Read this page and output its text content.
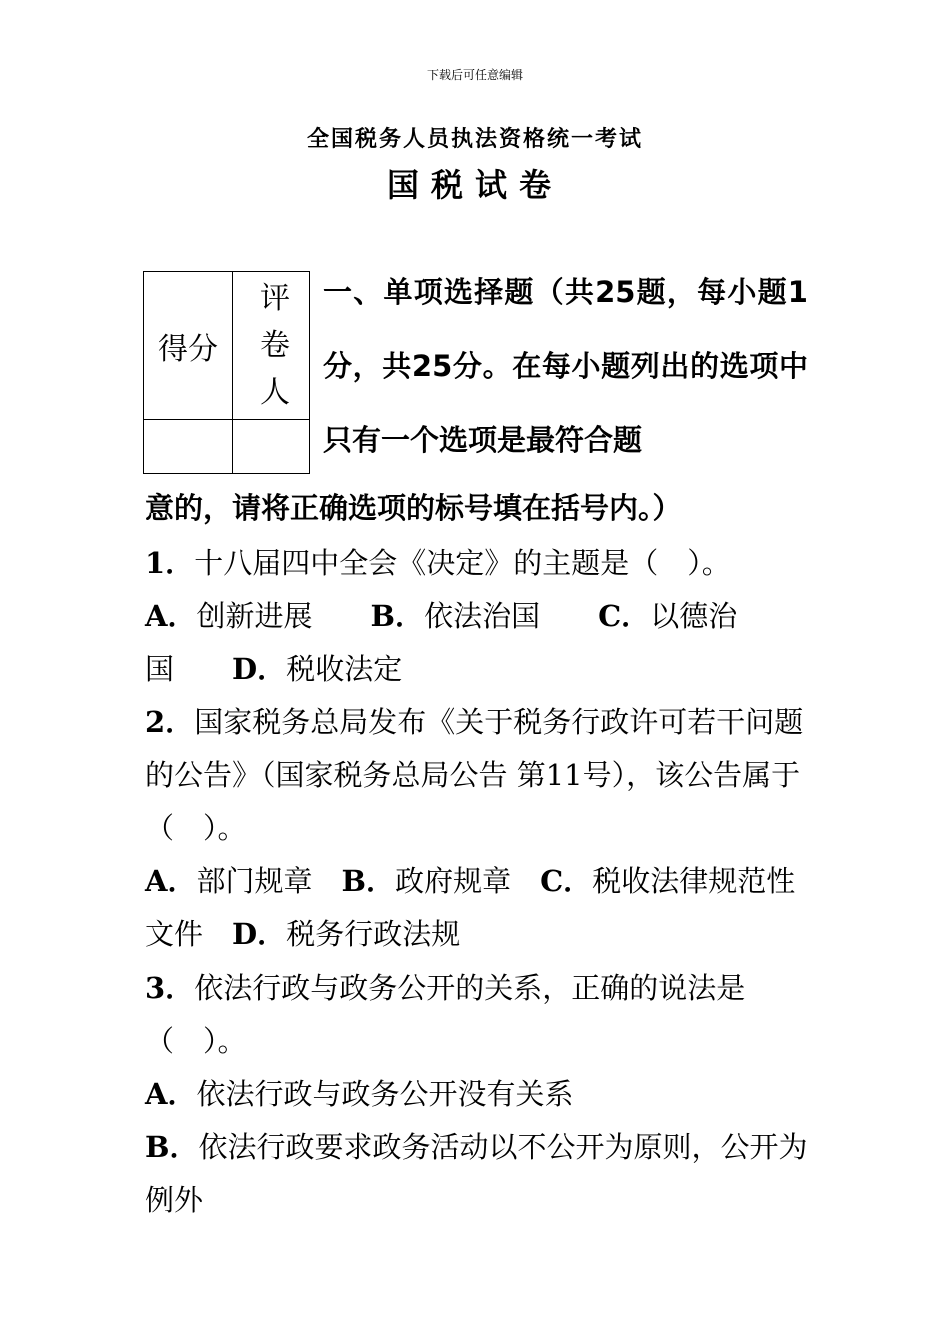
下载后可任意编辑
全国税务人员执法资格统一考试
国税试卷
得分	评卷人

一、单项选择题（共25题，每小题1分，共25分。在每小题列出的选项中只有一个选项是最符合题
意的，请将正确选项的标号填在括号内。）
1．十八届四中全会《决定》的主题是（　）。
A．创新进展　　 B．依法治国　　 C．以德治国　　 D．税收法定
2．国家税务总局发布《关于税务行政许可若干问题的公告》（国家税务总局公告 第11号），该公告属于（　）。
A．部门规章　 B．政府规章　 C．税收法律规范性文件　 D．税务行政法规
3．依法行政与政务公开的关系，正确的说法是（　）。
A．依法行政与政务公开没有关系
B．依法行政要求政务活动以不公开为原则，公开为例外
